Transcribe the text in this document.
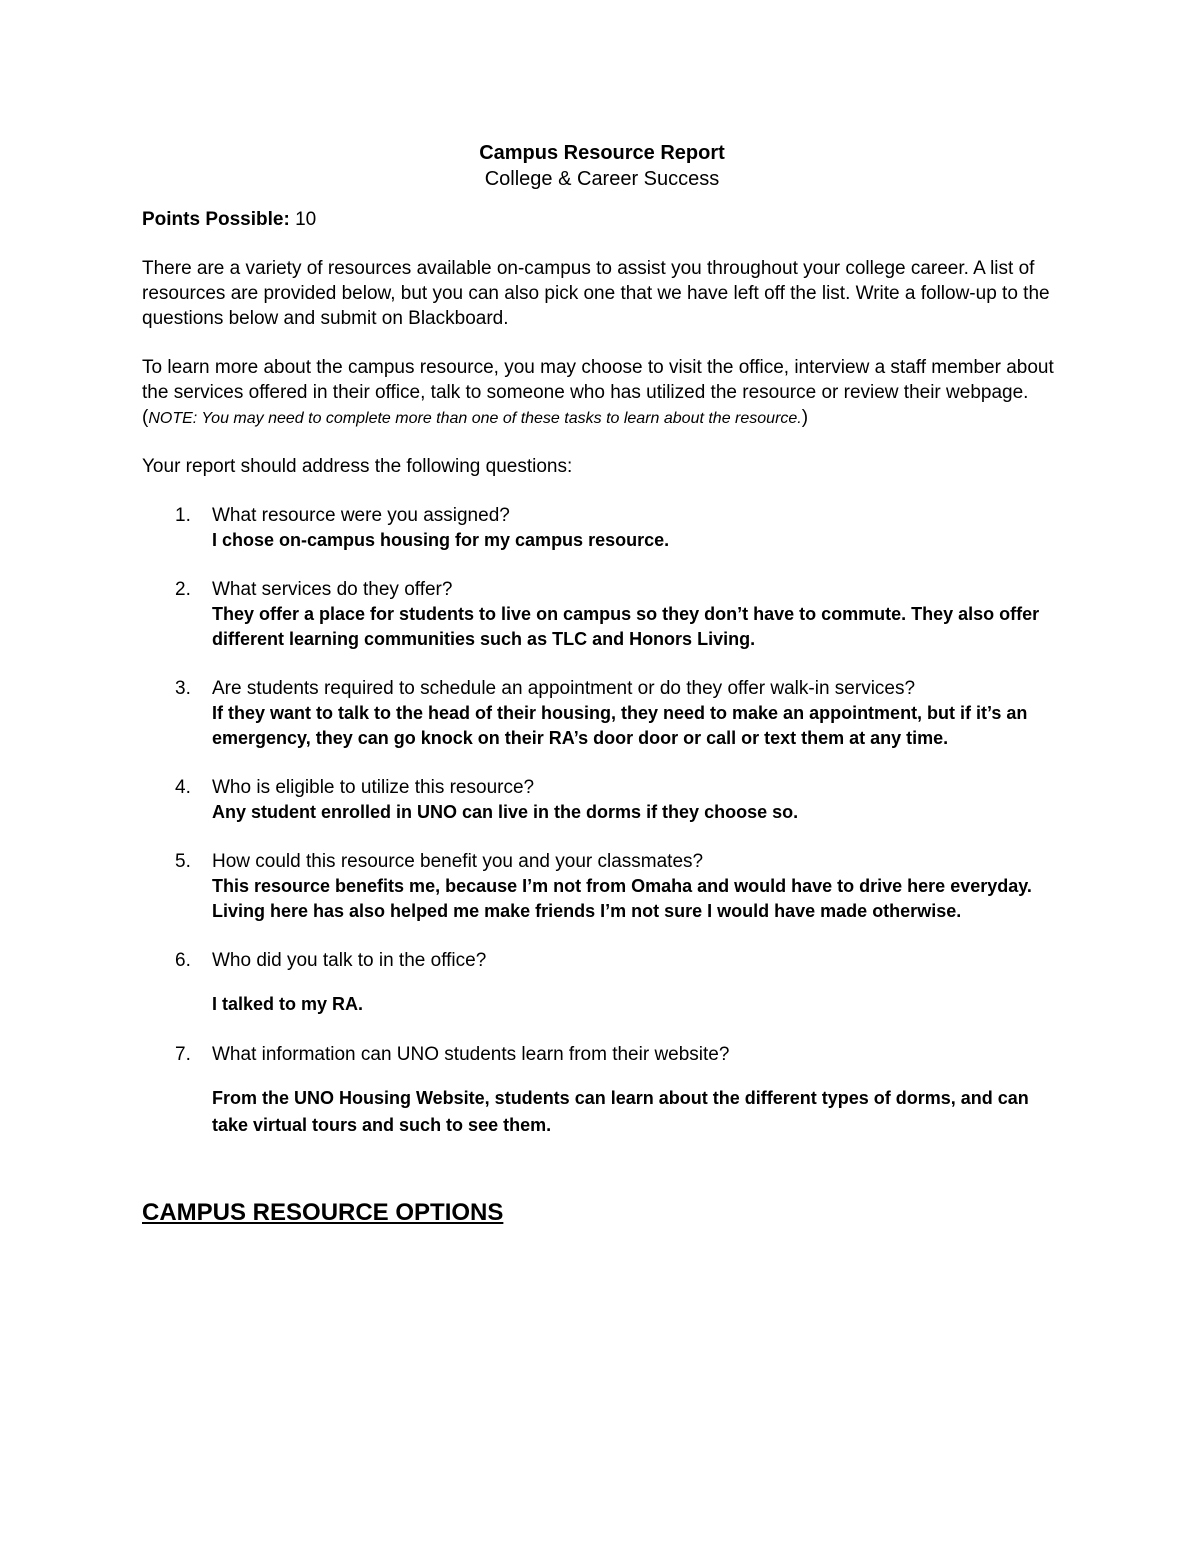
Campus Resource Report
College & Career Success
Points Possible: 10

There are a variety of resources available on-campus to assist you throughout your college career. A list of resources are provided below, but you can also pick one that we have left off the list. Write a follow-up to the questions below and submit on Blackboard.

To learn more about the campus resource, you may choose to visit the office, interview a staff member about the services offered in their office, talk to someone who has utilized the resource or review their webpage. (NOTE: You may need to complete more than one of these tasks to learn about the resource.)

Your report should address the following questions:

1. What resource were you assigned?
I chose on-campus housing for my campus resource.
2. What services do they offer?
They offer a place for students to live on campus so they don’t have to commute. They also offer different learning communities such as TLC and Honors Living.
3. Are students required to schedule an appointment or do they offer walk-in services?
If they want to talk to the head of their housing, they need to make an appointment, but if it’s an emergency, they can go knock on their RA’s door door or call or text them at any time.
4. Who is eligible to utilize this resource?
Any student enrolled in UNO can live in the dorms if they choose so.
5. How could this resource benefit you and your classmates?
This resource benefits me, because I’m not from Omaha and would have to drive here everyday. Living here has also helped me make friends I’m not sure I would have made otherwise.
6. Who did you talk to in the office?
I talked to my RA.
7. What information can UNO students learn from their website?
From the UNO Housing Website, students can learn about the different types of dorms, and can take virtual tours and such to see them.
CAMPUS RESOURCE OPTIONS
